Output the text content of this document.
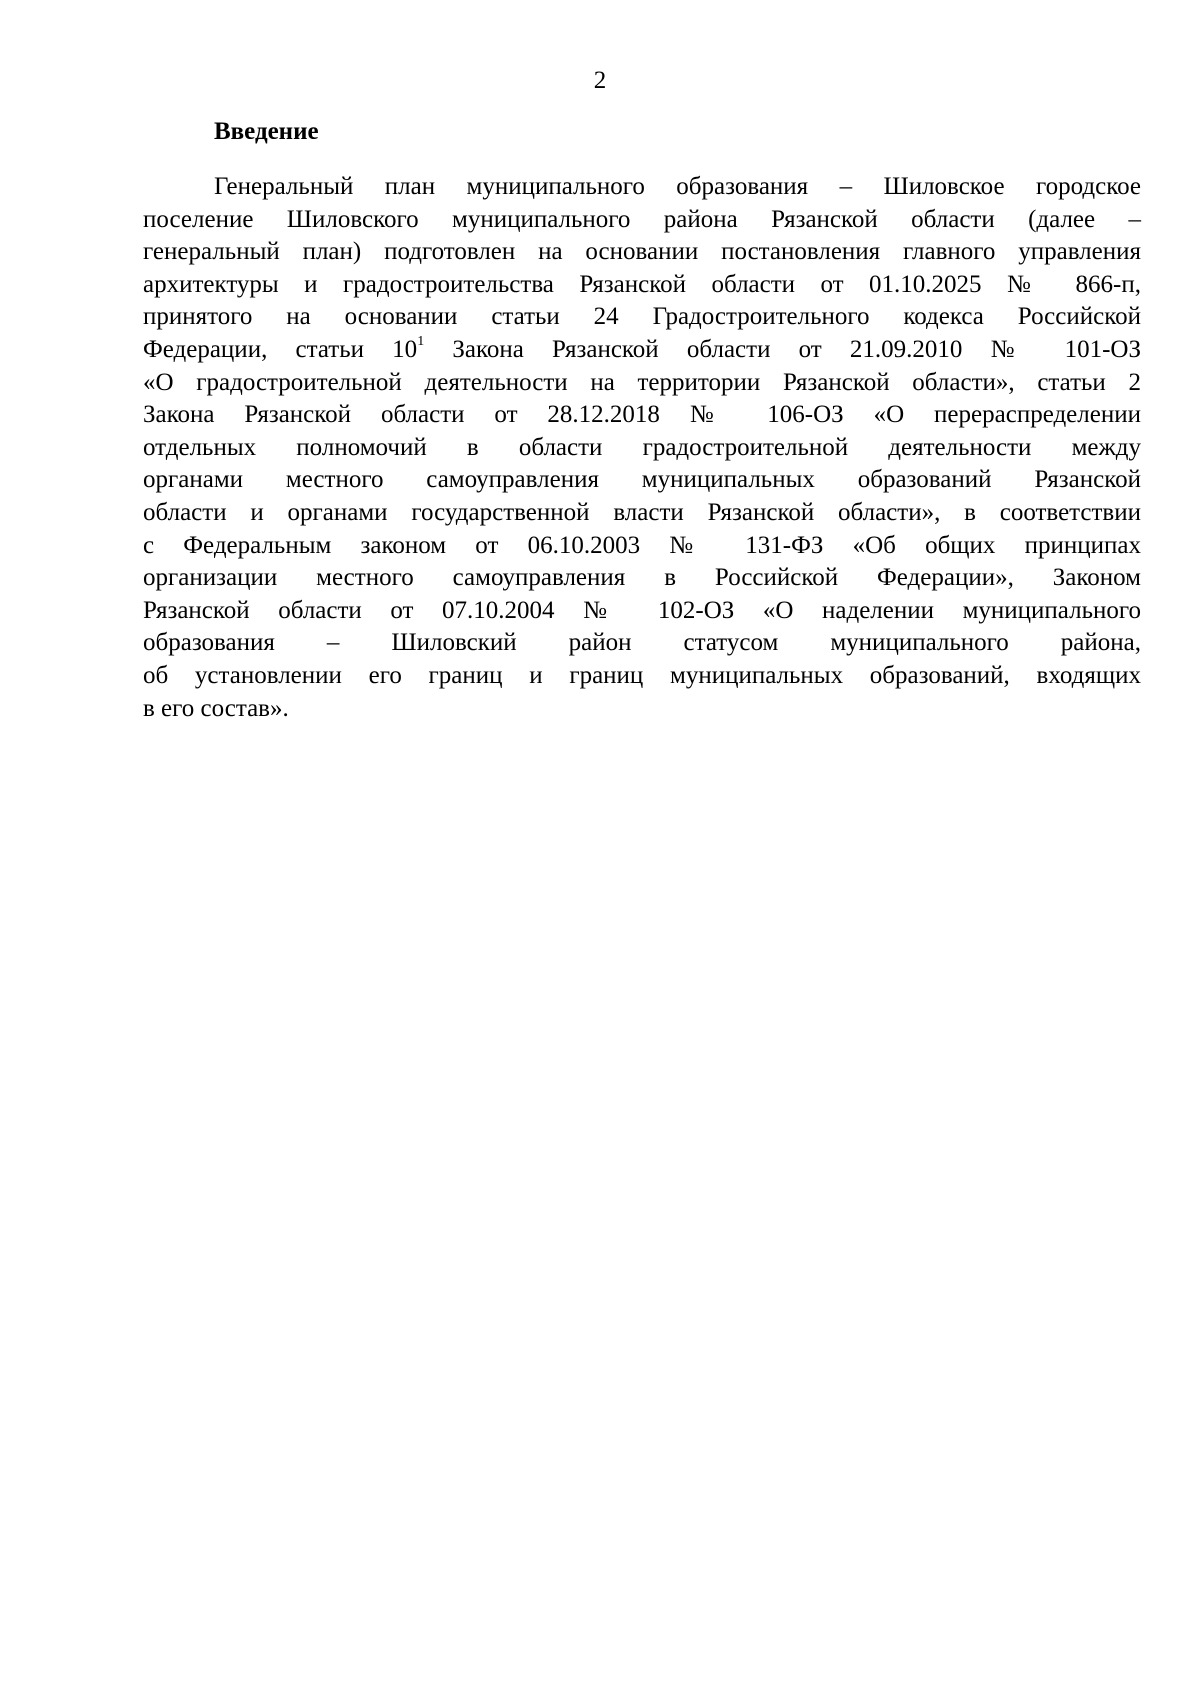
2
Введение
Генеральный план муниципального образования – Шиловское городское
поселение Шиловского муниципального района Рязанской области (далее –
генеральный план) подготовлен на основании постановления главного управления
архитектуры и градостроительства Рязанской области от 01.10.2025 № 866-п,
принятого на основании статьи 24 Градостроительного кодекса Российской
Федерации, статьи $10^1$ Закона Рязанской области от 21.09.2010 № 101-ОЗ
«О градостроительной деятельности на территории Рязанской области», статьи 2
Закона Рязанской области от 28.12.2018 № 106-ОЗ «О перераспределении
отдельных полномочий в области градостроительной деятельности между
органами местного самоуправления муниципальных образований Рязанской
области и органами государственной власти Рязанской области», в соответствии
с Федеральным законом от 06.10.2003 № 131-ФЗ «Об общих принципах
организации местного самоуправления в Российской Федерации», Законом
Рязанской области от 07.10.2004 № 102-ОЗ «О наделении муниципального
образования – Шиловский район статусом муниципального района,
об установлении его границ и границ муниципальных образований, входящих
в его состав».
